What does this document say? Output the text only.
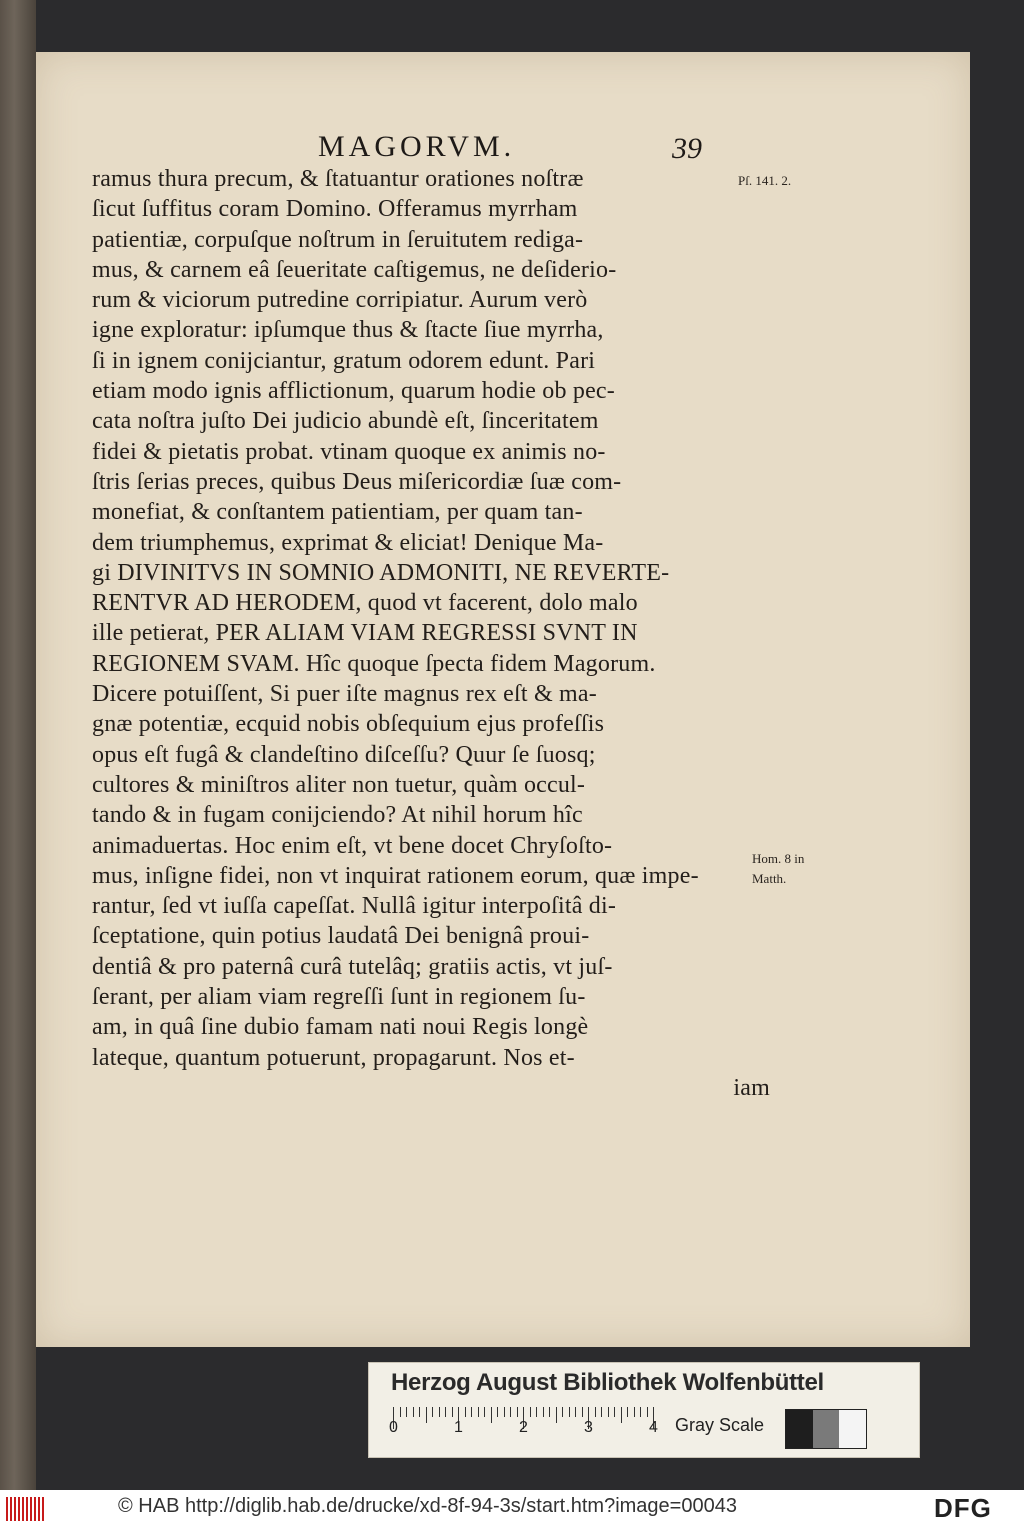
MAGORVM.	39
ramus thura precum, & ſtatuantur orationes noſtræ
ſicut ſuffitus coram Domino. Offeramus myrrham
patientiæ, corpuſque noſtrum in ſeruitutem rediga-
mus, & carnem eâ ſeueritate caſtigemus, ne deſiderio-
rum & viciorum putredine corripiatur. Aurum verò
igne exploratur: ipſumque thus & ſtacte ſiue myrrha,
ſi in ignem conijciantur, gratum odorem edunt. Pari
etiam modo ignis afflictionum, quarum hodie ob pec-
cata noſtra juſto Dei judicio abundè eſt, ſinceritatem
fidei & pietatis probat. vtinam quoque ex animis no-
ſtris ſerias preces, quibus Deus miſericordiæ ſuæ com-
monefiat, & conſtantem patientiam, per quam tan-
dem triumphemus, exprimat & eliciat! Denique Ma-
gi DIVINITVS IN SOMNIO ADMONITI, NE REVERTE-
RENTVR AD HERODEM, quod vt facerent, dolo malo
ille petierat, PER ALIAM VIAM REGRESSI SVNT IN
REGIONEM SVAM. Hîc quoque ſpecta fidem Magorum.
Dicere potuiſſent, Si puer iſte magnus rex eſt & ma-
gnæ potentiæ, ecquid nobis obſequium ejus profeſſis
opus eſt fugâ & clandeſtino diſceſſu? Quur ſe ſuosq;
cultores & miniſtros aliter non tuetur, quàm occul-
tando & in fugam conijciendo? At nihil horum hîc
animaduertas. Hoc enim eſt, vt bene docet Chryſoſto-
mus, inſigne fidei, non vt inquirat rationem eorum, quæ impe-
rantur, ſed vt iuſſa capeſſat. Nullâ igitur interpoſitâ di-
ſceptatione, quin potius laudatâ Dei benignâ proui-
dentiâ & pro paternâ curâ tutelâq; gratiis actis, vt juſ-
ſerant, per aliam viam regreſſi ſunt in regionem ſu-
am, in quâ ſine dubio famam nati noui Regis longè
lateque, quantum potuerunt, propagarunt. Nos et-
iam
Pſ. 141. 2.
Hom. 8 in
Matth.
Herzog August Bibliothek Wolfenbüttel
0	1	2	3	4 Gray Scale
© HAB http://diglib.hab.de/drucke/xd-8f-94-3s/start.htm?image=00043	DFG
